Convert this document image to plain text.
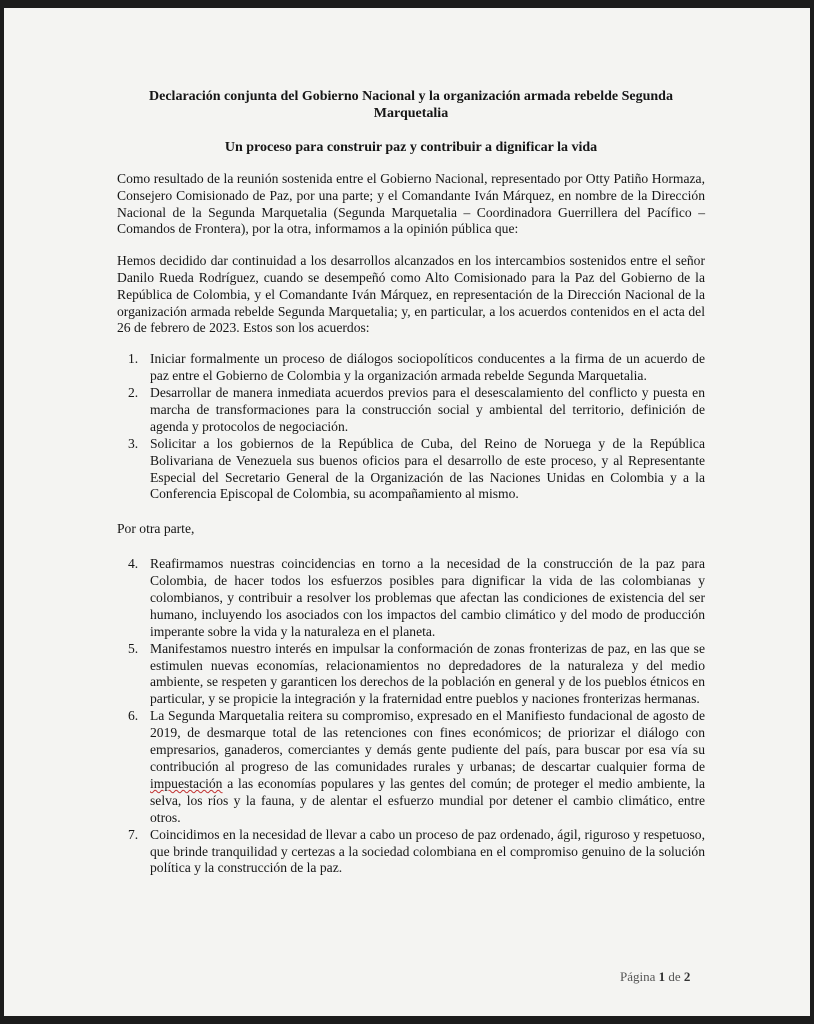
Declaración conjunta del Gobierno Nacional y la organización armada rebelde Segunda Marquetalia
Un proceso para construir paz y contribuir a dignificar la vida

Como resultado de la reunión sostenida entre el Gobierno Nacional, representado por Otty Patiño Hormaza, Consejero Comisionado de Paz, por una parte; y el Comandante Iván Márquez, en nombre de la Dirección Nacional de la Segunda Marquetalia (Segunda Marquetalia – Coordinadora Guerrillera del Pacífico – Comandos de Frontera), por la otra, informamos a la opinión pública que:

Hemos decidido dar continuidad a los desarrollos alcanzados en los intercambios sostenidos entre el señor Danilo Rueda Rodríguez, cuando se desempeñó como Alto Comisionado para la Paz del Gobierno de la República de Colombia, y el Comandante Iván Márquez, en representación de la Dirección Nacional de la organización armada rebelde Segunda Marquetalia; y, en particular, a los acuerdos contenidos en el acta del 26 de febrero de 2023. Estos son los acuerdos:

1. Iniciar formalmente un proceso de diálogos sociopolíticos conducentes a la firma de un acuerdo de paz entre el Gobierno de Colombia y la organización armada rebelde Segunda Marquetalia.
2. Desarrollar de manera inmediata acuerdos previos para el desescalamiento del conflicto y puesta en marcha de transformaciones para la construcción social y ambiental del territorio, definición de agenda y protocolos de negociación.
3. Solicitar a los gobiernos de la República de Cuba, del Reino de Noruega y de la República Bolivariana de Venezuela sus buenos oficios para el desarrollo de este proceso, y al Representante Especial del Secretario General de la Organización de las Naciones Unidas en Colombia y a la Conferencia Episcopal de Colombia, su acompañamiento al mismo.

Por otra parte,

4. Reafirmamos nuestras coincidencias en torno a la necesidad de la construcción de la paz para Colombia, de hacer todos los esfuerzos posibles para dignificar la vida de las colombianas y colombianos, y contribuir a resolver los problemas que afectan las condiciones de existencia del ser humano, incluyendo los asociados con los impactos del cambio climático y del modo de producción imperante sobre la vida y la naturaleza en el planeta.
5. Manifestamos nuestro interés en impulsar la conformación de zonas fronterizas de paz, en las que se estimulen nuevas economías, relacionamientos no depredadores de la naturaleza y del medio ambiente, se respeten y garanticen los derechos de la población en general y de los pueblos étnicos en particular, y se propicie la integración y la fraternidad entre pueblos y naciones fronterizas hermanas.
6. La Segunda Marquetalia reitera su compromiso, expresado en el Manifiesto fundacional de agosto de 2019, de desmarque total de las retenciones con fines económicos; de priorizar el diálogo con empresarios, ganaderos, comerciantes y demás gente pudiente del país, para buscar por esa vía su contribución al progreso de las comunidades rurales y urbanas; de descartar cualquier forma de impuestación a las economías populares y las gentes del común; de proteger el medio ambiente, la selva, los ríos y la fauna, y de alentar el esfuerzo mundial por detener el cambio climático, entre otros.
7. Coincidimos en la necesidad de llevar a cabo un proceso de paz ordenado, ágil, riguroso y respetuoso, que brinde tranquilidad y certezas a la sociedad colombiana en el compromiso genuino de la solución política y la construcción de la paz.
Página 1 de 2
